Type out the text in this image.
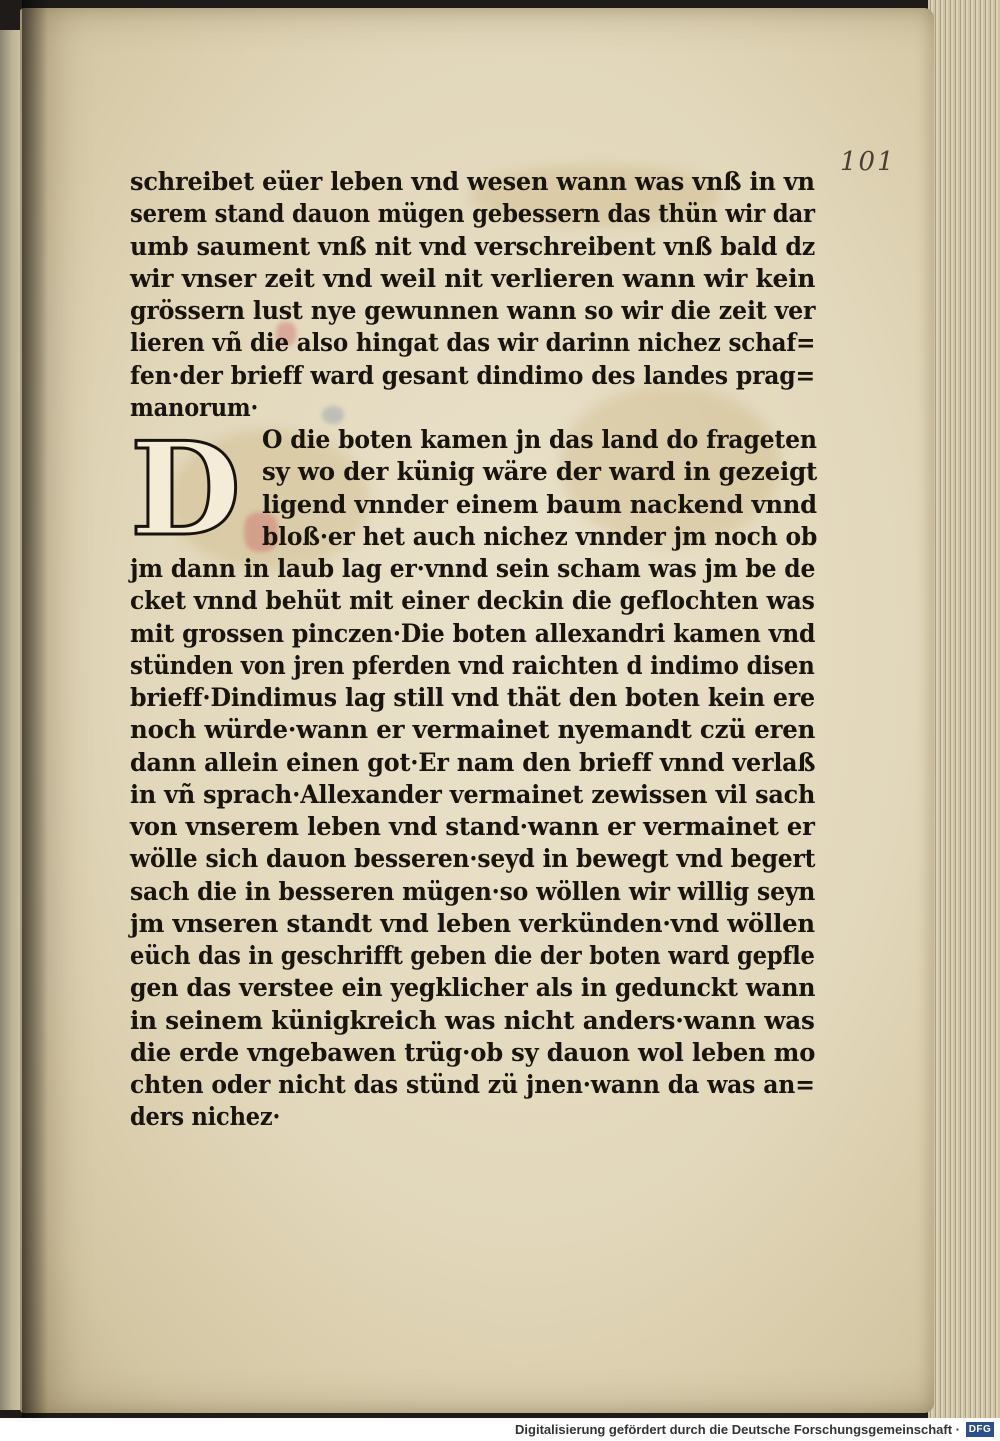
101
D
schreibet eüer leben vnd wesen wann was vnß in vn
serem stand dauon mügen gebessern das thün wir dar
umb saument vnß nit vnd verschreibent vnß bald dz
wir vnser zeit vnd weil nit verlieren wann wir kein
grössern lust nye gewunnen wann so wir die zeit ver
lieren vñ die also hingat das wir darinn nichez schaf=
fen·der brieff ward gesant dindimo des landes prag=
manorum·
O die boten kamen jn das land do frageten
sy wo der künig wäre der ward in gezeigt
ligend vnnder einem baum nackend vnnd
bloß·er het auch nichez vnnder jm noch ob
jm dann in laub lag er·vnnd sein scham was jm be de
cket vnnd behüt mit einer deckin die geflochten was
mit grossen pinczen·Die boten allexandri kamen vnd
stünden von jren pferden vnd raichten d indimo disen
brieff·Dindimus lag still vnd thät den boten kein ere
noch würde·wann er vermainet nyemandt czü eren
dann allein einen got·Er nam den brieff vnnd verlaß
in vñ sprach·Allexander vermainet zewissen vil sach
von vnserem leben vnd stand·wann er vermainet er
wölle sich dauon besseren·seyd in bewegt vnd begert
sach die in besseren mügen·so wöllen wir willig seyn
jm vnseren standt vnd leben verkünden·vnd wöllen
eüch das in geschrifft geben die der boten ward gepfle
gen das verstee ein yegklicher als in gedunckt wann
in seinem künigkreich was nicht anders·wann was
die erde vngebawen trüg·ob sy dauon wol leben mo
chten oder nicht das stünd zü jnen·wann da was an=
ders nichez·
Digitalisierung gefördert durch die Deutsche Forschungsgemeinschaft · DFG
